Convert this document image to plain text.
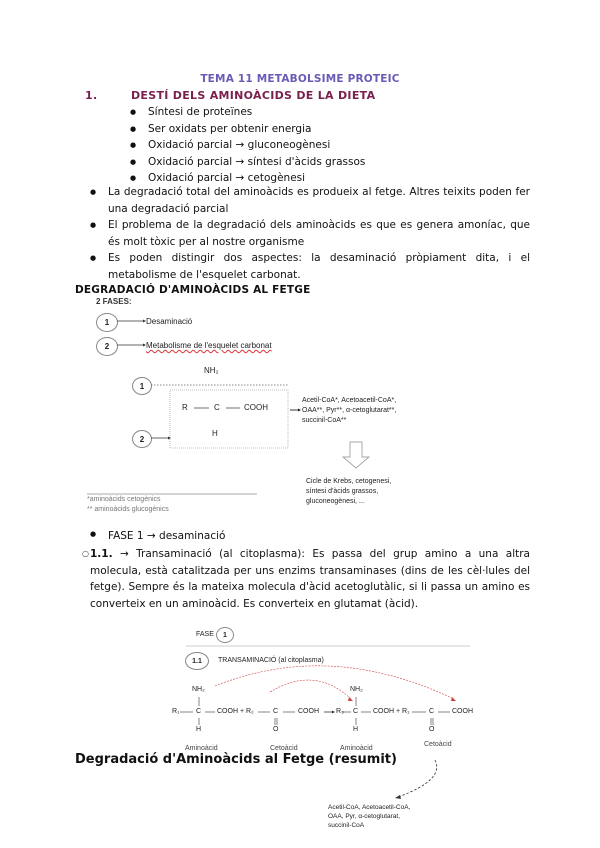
TEMA 11 METABOLSIME PROTEIC
1.	DESTÍ DELS AMINOÀCIDS DE LA DIETA
● Síntesi de proteïnes
● Ser oxidats per obtenir energia
● Oxidació parcial → gluconeogènesi
● Oxidació parcial → síntesi d'àcids grassos
● Oxidació parcial → cetogènesi
● La degradació total del aminoàcids es produeix al fetge. Altres teixits poden fer una degradació parcial
● El problema de la degradació dels aminoàcids es que es genera amoníac, que és molt tòxic per al nostre organisme
● Es poden distingir dos aspectes: la desaminació pròpiament dita, i el metabolisme de l'esquelet carbonat.
DEGRADACIÓ D'AMINOÀCIDS AL FETGE
2 FASES:
1	Desaminació
2	Metabolisme de l'esquelet carbonat
NH₂
1
2
R	C	COOH
H
Acetil-CoA*, Acetoacetil-CoA*,
OAA**, Pyr**, α-cetoglutarat**,
succinil-CoA**
Cicle de Krebs, cetogenesi,
síntesi d'àcids grassos,
gluconeogènesi, ...
*aminoàcids cetogènics
** aminoàcids glucogènics
● FASE 1 → desaminació
○ 1.1. → Transaminació (al citoplasma): Es passa del grup amino a una altra molecula, està catalitzada per uns enzims transaminases (dins de les cèl·lules del fetge). Sempre és la mateixa molecula d'àcid acetoglutàlic, si li passa un amino es converteix en un aminoàcid. Es converteix en glutamat (àcid).
FASE	1
1.1	TRANSAMINACIÓ (al citoplasma)
NH₂	NH₂
R₁ C COOH + R₂	C	COOH R₃ C COOH + R₁	C	COOH
H	O	H	O
Aminoàcid	Cetoàcid	Aminoàcid
Cetoàcid
Acetil-CoA, Acetoacetil-CoA,
OAA, Pyr, α-cetoglutarat,
succinil-CoA
Degradació d'Aminoàcids al Fetge (resumit)
